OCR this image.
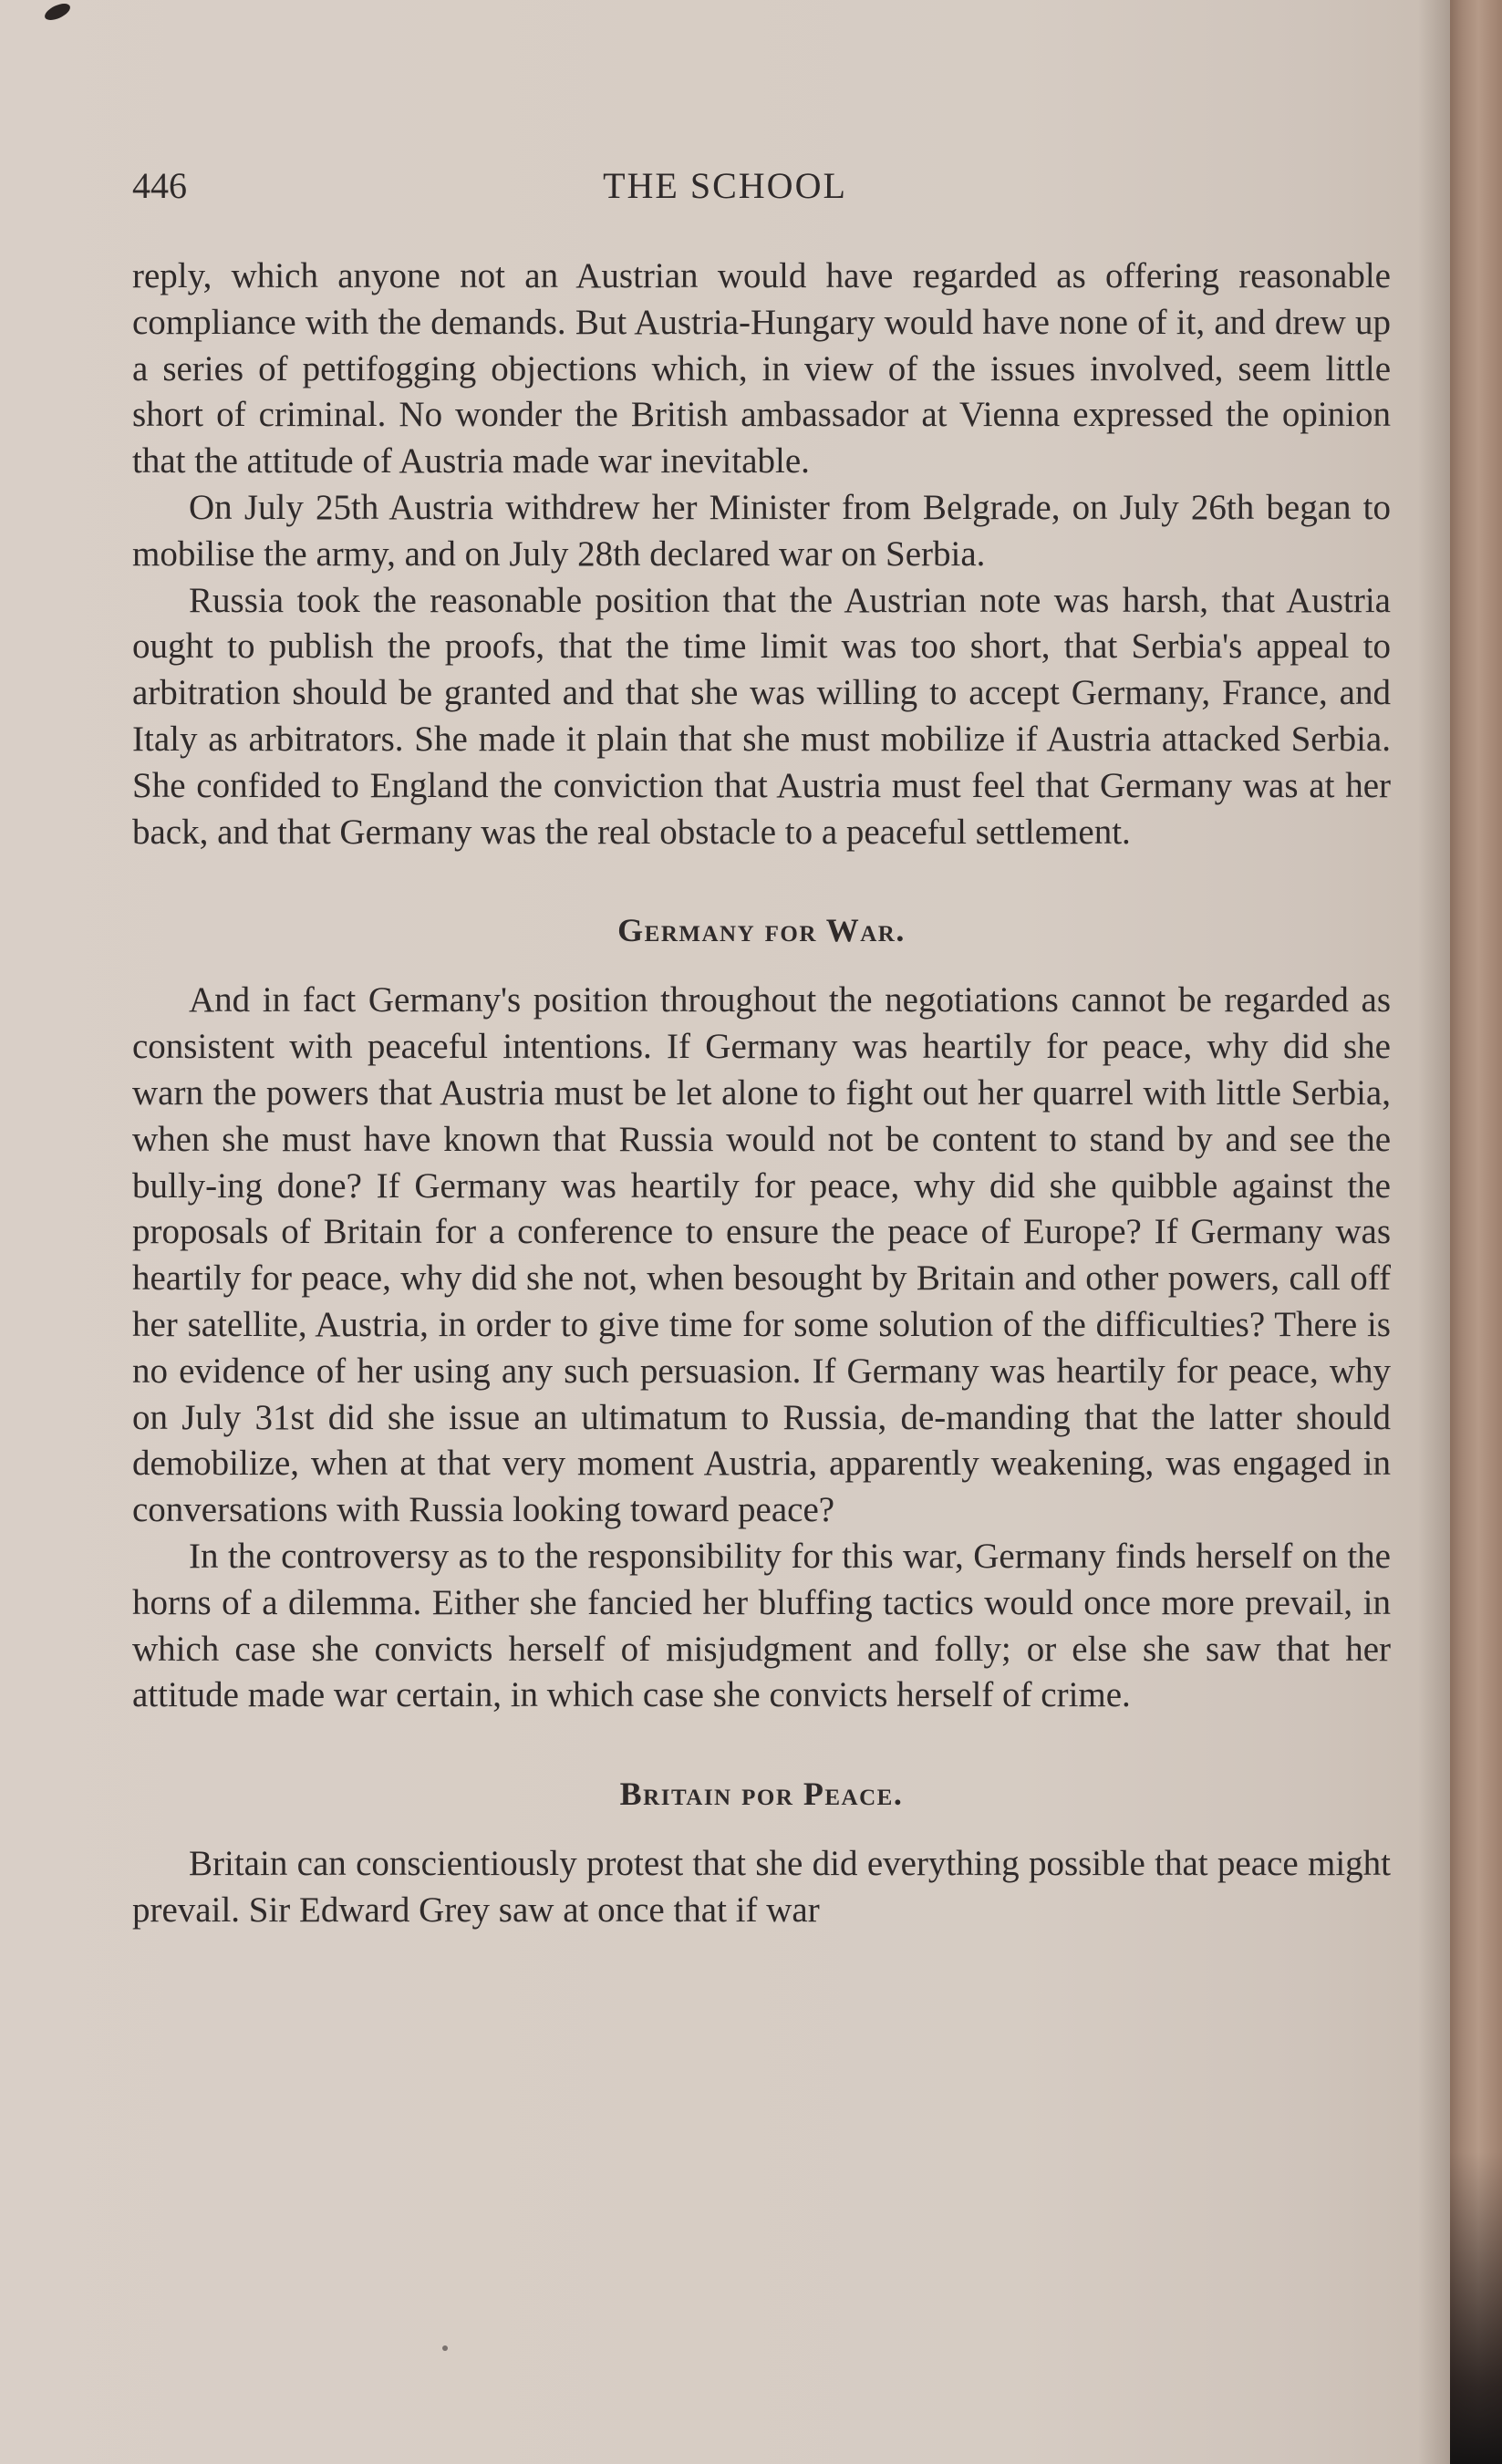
446	THE SCHOOL

reply, which anyone not an Austrian would have regarded as offering reasonable compliance with the demands. But Austria-Hungary would have none of it, and drew up a series of pettifogging objections which, in view of the issues involved, seem little short of criminal. No wonder the British ambassador at Vienna expressed the opinion that the attitude of Austria made war inevitable.

On July 25th Austria withdrew her Minister from Belgrade, on July 26th began to mobilise the army, and on July 28th declared war on Serbia.

Russia took the reasonable position that the Austrian note was harsh, that Austria ought to publish the proofs, that the time limit was too short, that Serbia's appeal to arbitration should be granted and that she was willing to accept Germany, France, and Italy as arbitrators. She made it plain that she must mobilize if Austria attacked Serbia. She confided to England the conviction that Austria must feel that Germany was at her back, and that Germany was the real obstacle to a peaceful settlement.

Germany for War.

And in fact Germany's position throughout the negotiations cannot be regarded as consistent with peaceful intentions. If Germany was heartily for peace, why did she warn the powers that Austria must be let alone to fight out her quarrel with little Serbia, when she must have known that Russia would not be content to stand by and see the bully-ing done? If Germany was heartily for peace, why did she quibble against the proposals of Britain for a conference to ensure the peace of Europe? If Germany was heartily for peace, why did she not, when besought by Britain and other powers, call off her satellite, Austria, in order to give time for some solution of the difficulties? There is no evidence of her using any such persuasion. If Germany was heartily for peace, why on July 31st did she issue an ultimatum to Russia, de-manding that the latter should demobilize, when at that very moment Austria, apparently weakening, was engaged in conversations with Russia looking toward peace?

In the controversy as to the responsibility for this war, Germany finds herself on the horns of a dilemma. Either she fancied her bluffing tactics would once more prevail, in which case she convicts herself of misjudgment and folly; or else she saw that her attitude made war certain, in which case she convicts herself of crime.

Britain por Peace.

Britain can conscientiously protest that she did everything possible that peace might prevail. Sir Edward Grey saw at once that if war
